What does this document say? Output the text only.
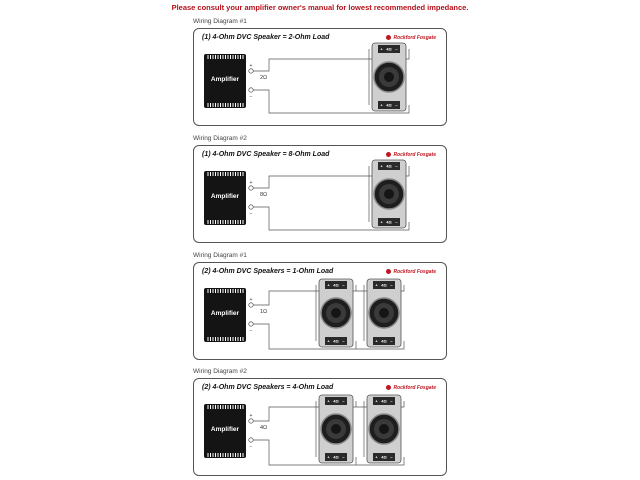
Please consult your amplifier owner's manual for lowest recommended impedance.
Wiring Diagram #1
(1) 4-Ohm DVC Speaker = 2-Ohm Load	Rockford Fosgate
Amplifier	2Ω
+
−
+ 4Ω −
+ 4Ω −
Wiring Diagram #2
(1) 4-Ohm DVC Speaker = 8-Ohm Load	Rockford Fosgate
Amplifier	8Ω
+
−
+ 4Ω −
+ 4Ω −
Wiring Diagram #1
(2) 4-Ohm DVC Speakers = 1-Ohm Load	Rockford Fosgate
Amplifier	1Ω
+
−
+ 4Ω −
+ 4Ω −
+ 4Ω −
+ 4Ω −
Wiring Diagram #2
(2) 4-Ohm DVC Speakers = 4-Ohm Load	Rockford Fosgate
Amplifier	4Ω
+
−
+ 4Ω −
+ 4Ω −
+ 4Ω −
+ 4Ω −
